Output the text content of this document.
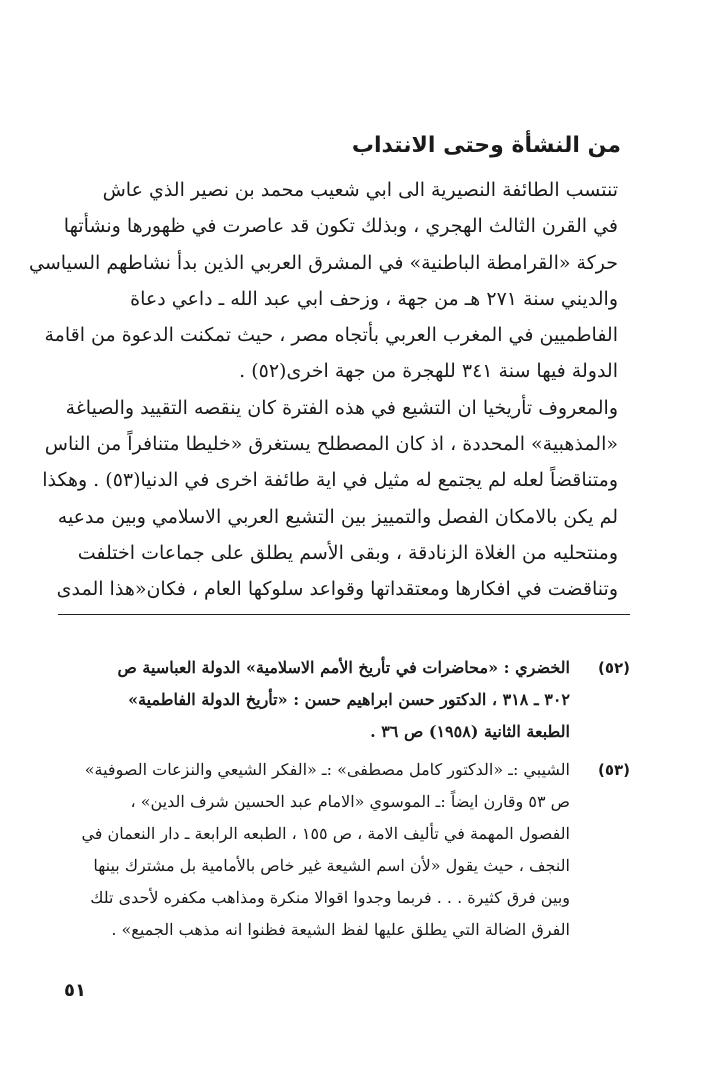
من النشأة وحتى الانتداب
تنتسب الطائفة النصيرية الى ابي شعيب محمد بن نصير الذي عاش
في القرن الثالث الهجري ، وبذلك تكون قد عاصرت في ظهورها ونشأتها
حركة «القرامطة الباطنية» في المشرق العربي الذين بدأ نشاطهم السياسي
والديني سنة ٢٧١ هـ من جهة ، وزحف ابي عبد الله ـ داعي دعاة
الفاطميين في المغرب العربي بأتجاه مصر ، حيث تمكنت الدعوة من اقامة
الدولة فيها سنة ٣٤١ للهجرة من جهة اخرى(٥٢) .
والمعروف تأريخيا ان التشيع في هذه الفترة كان ينقصه التقييد والصياغة
«المذهبية» المحددة ، اذ كان المصطلح يستغرق «خليطا متنافراً من الناس
ومتناقضاً لعله لم يجتمع له مثيل في اية طائفة اخرى في الدنيا(٥٣) . وهكذا
لم يكن بالامكان الفصل والتمييز بين التشيع العربي الاسلامي وبين مدعيه
ومنتحليه من الغلاة الزنادقة ، وبقى الأسم يطلق على جماعات اختلفت
وتناقضت في افكارها ومعتقداتها وقواعد سلوكها العام ، فكان«هذا المدى
(٥٢)
الخضري : «محاضرات في تأريخ الأمم الاسلامية» الدولة العباسية ص
٣٠٢ ـ ٣١٨ ، الدكتور حسن ابراهيم حسن : «تأريخ الدولة الفاطمية»
الطبعة الثانية (١٩٥٨) ص ٣٦ .
(٥٣)
الشيبي :ـ «الدكتور كامل مصطفى» :ـ «الفكر الشيعي والنزعات الصوفية»
ص ٥٣ وقارن ايضاً :ـ الموسوي «الامام عبد الحسين شرف الدين» ،
الفصول المهمة في تأليف الامة ، ص ١٥٥ ، الطبعه الرابعة ـ دار النعمان في
النجف ، حيث يقول «لأن اسم الشيعة غير خاص بالأمامية بل مشترك بينها
وبين فرق كثيرة . . . فربما وجدوا اقوالا منكرة ومذاهب مكفره لأحدى تلك
الفرق الضالة التي يطلق عليها لفظ الشيعة فظنوا انه مذهب الجميع» .
٥١
